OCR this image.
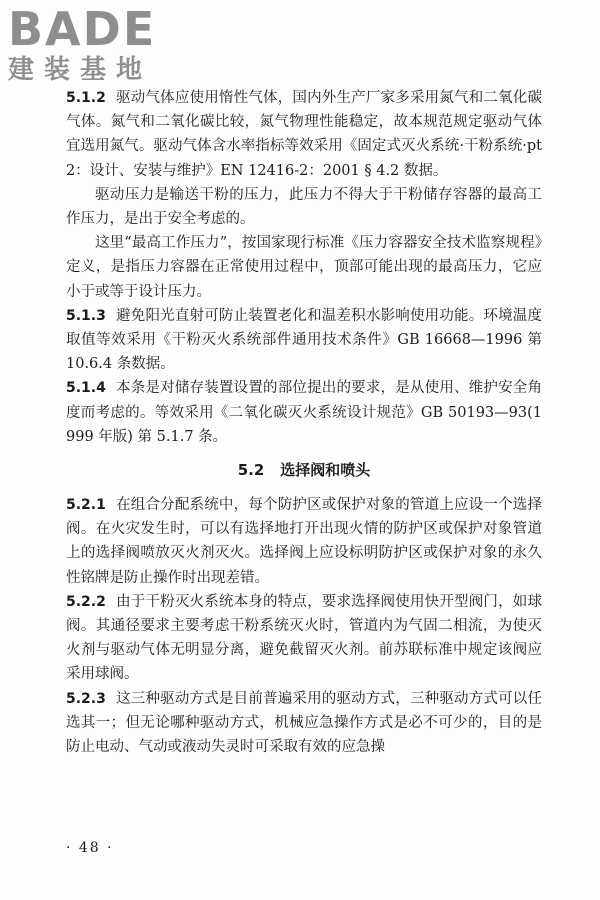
BADE
建装基地

5.1.2 驱动气体应使用惰性气体，国内外生产厂家多采用氮气和二氧化碳气体。氮气和二氧化碳比较，氮气物理性能稳定，故本规范规定驱动气体宜选用氮气。驱动气体含水率指标等效采用《固定式灭火系统·干粉系统·pt2：设计、安装与维护》EN 12416-2：2001 § 4.2 数据。

驱动压力是输送干粉的压力，此压力不得大于干粉储存容器的最高工作压力，是出于安全考虑的。

这里“最高工作压力”，按国家现行标准《压力容器安全技术监察规程》定义，是指压力容器在正常使用过程中，顶部可能出现的最高压力，它应小于或等于设计压力。

5.1.3 避免阳光直射可防止装置老化和温差积水影响使用功能。环境温度取值等效采用《干粉灭火系统部件通用技术条件》GB 16668—1996 第 10.6.4 条数据。

5.1.4 本条是对储存装置设置的部位提出的要求，是从使用、维护安全角度而考虑的。等效采用《二氧化碳灭火系统设计规范》GB 50193—93(1999 年版) 第 5.1.7 条。

5.2 选择阀和喷头

5.2.1 在组合分配系统中，每个防护区或保护对象的管道上应设一个选择阀。在火灾发生时，可以有选择地打开出现火情的防护区或保护对象管道上的选择阀喷放灭火剂灭火。选择阀上应设标明防护区或保护对象的永久性铭牌是防止操作时出现差错。

5.2.2 由于干粉灭火系统本身的特点，要求选择阀使用快开型阀门，如球阀。其通径要求主要考虑干粉系统灭火时，管道内为气固二相流，为使灭火剂与驱动气体无明显分离，避免截留灭火剂。前苏联标准中规定该阀应采用球阀。

5.2.3 这三种驱动方式是目前普遍采用的驱动方式，三种驱动方式可以任选其一；但无论哪种驱动方式，机械应急操作方式是必不可少的，目的是防止电动、气动或液动失灵时可采取有效的应急操

· 48 ·
